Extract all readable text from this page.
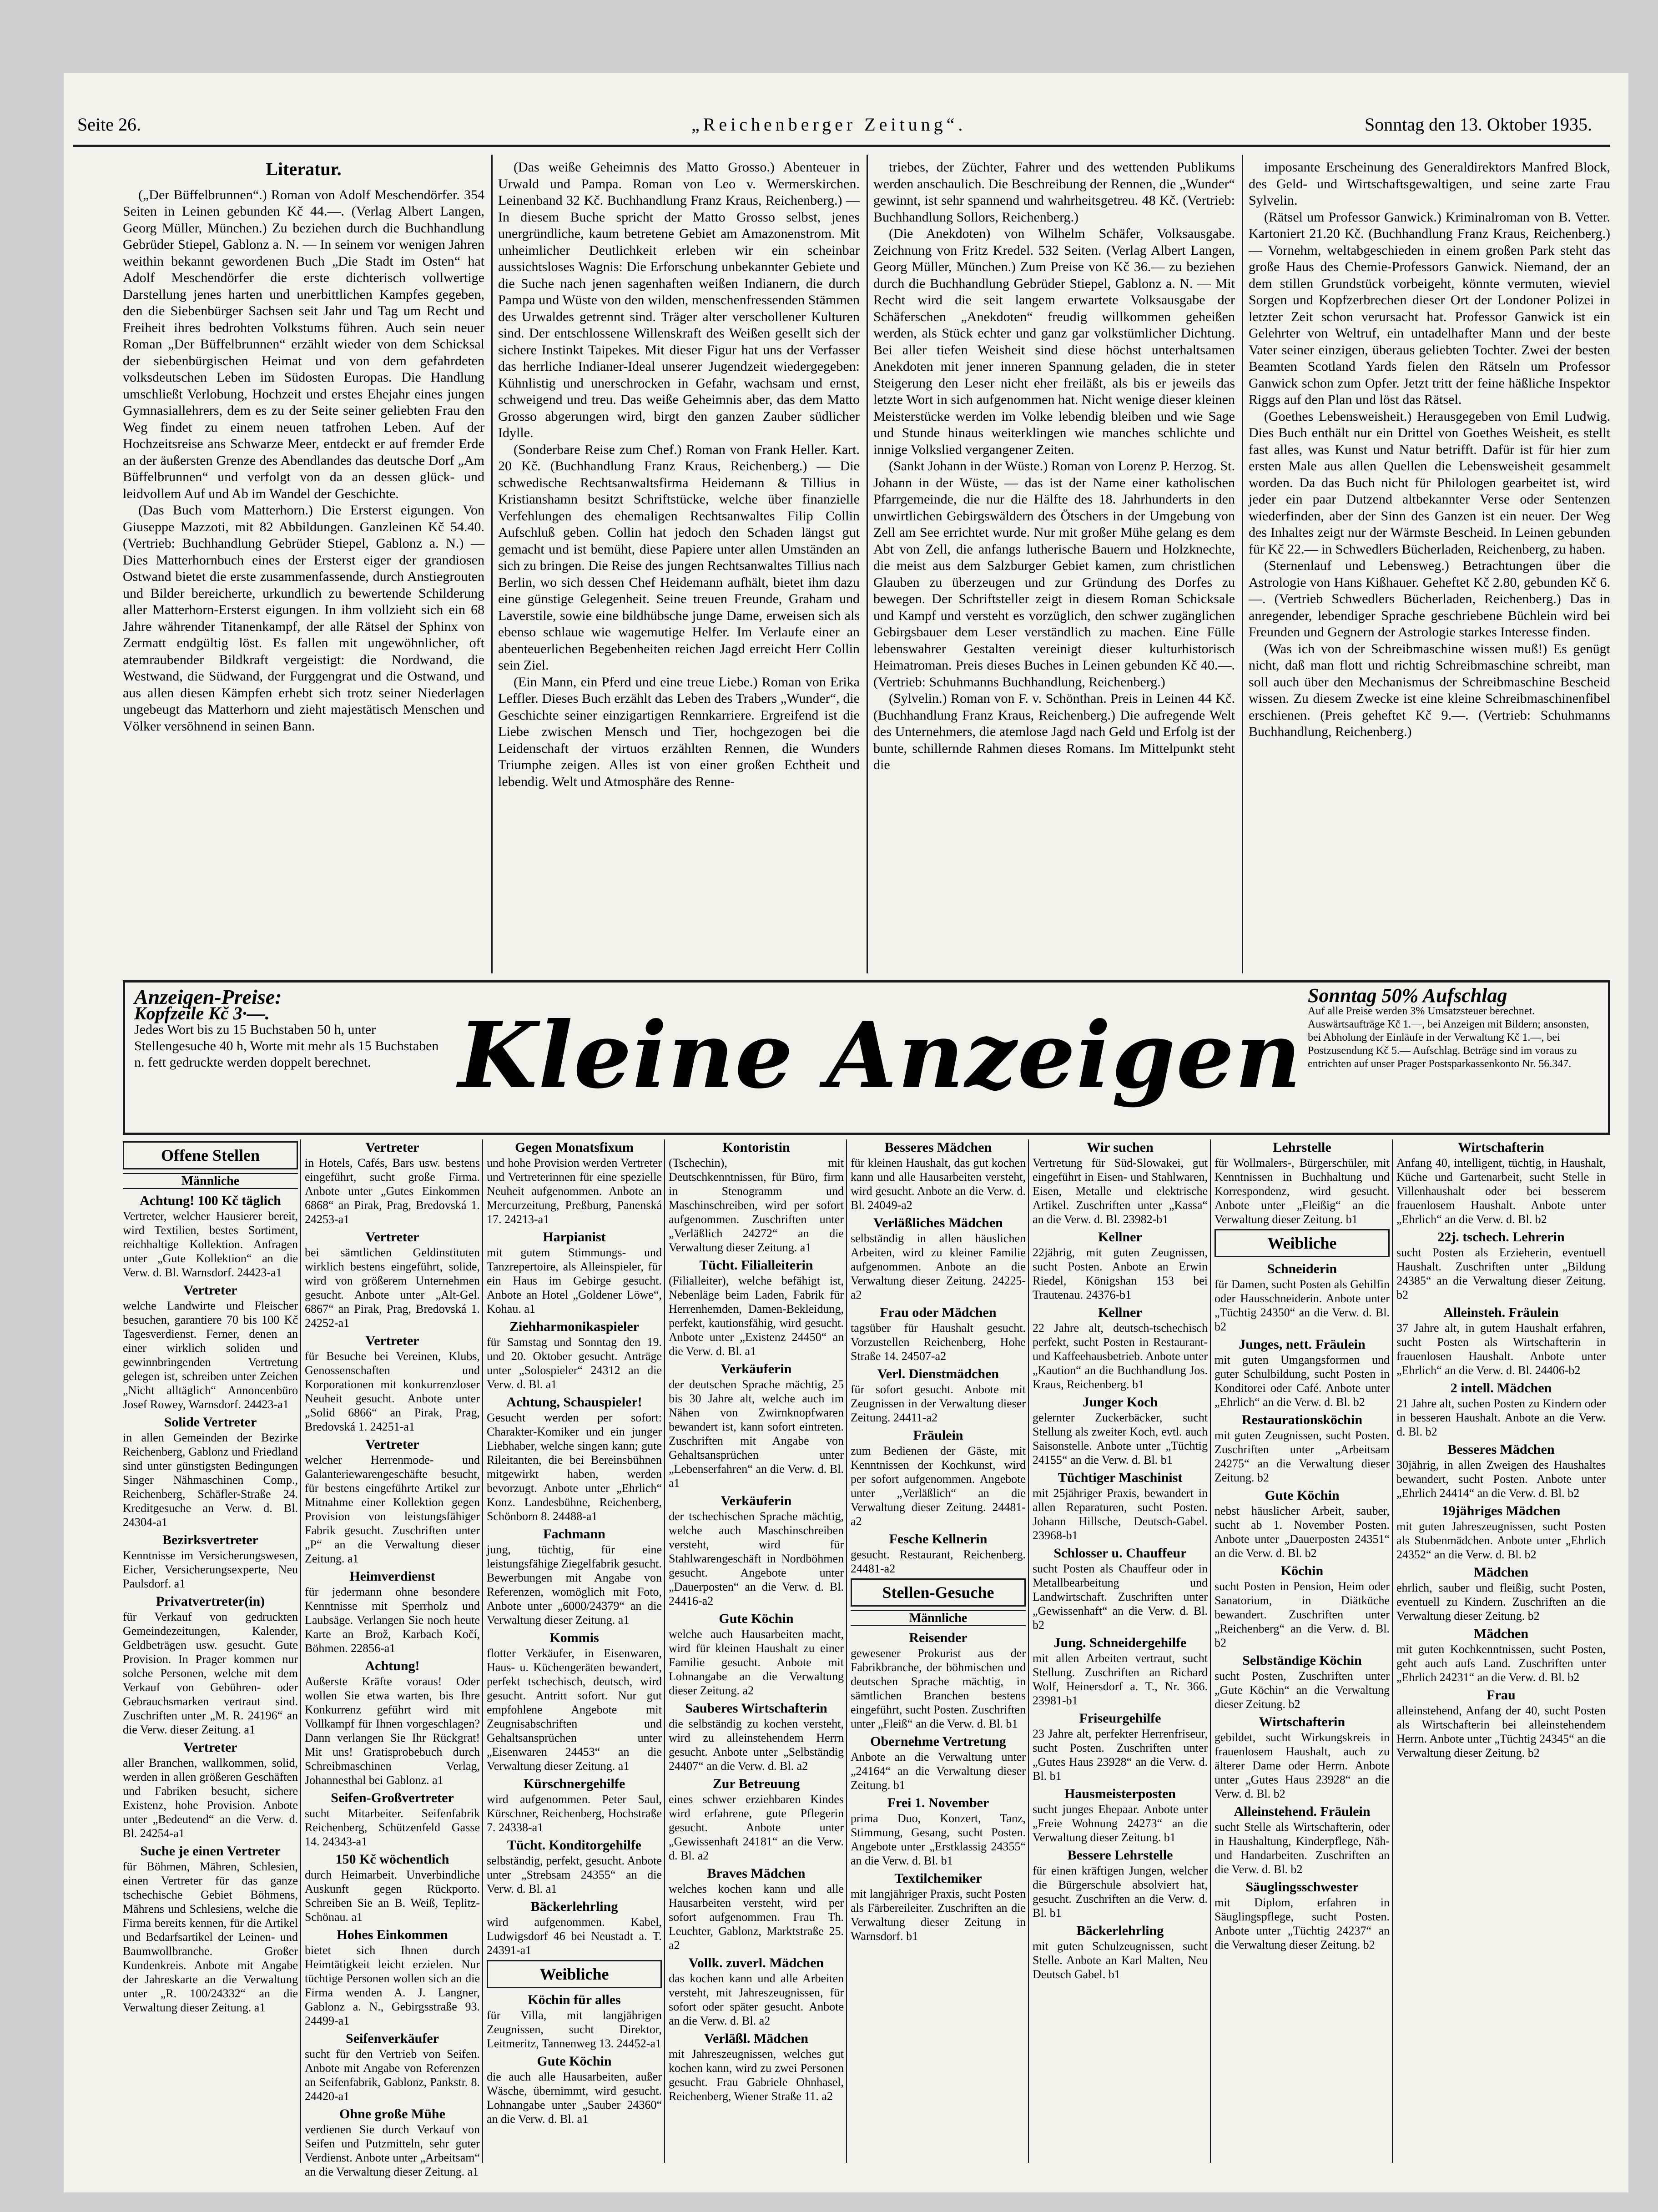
Seite 26.	„Reichenberger Zeitung“.	Sonntag den 13. Oktober 1935.
Literatur.

(„Der Büffelbrunnen“.) Roman von Adolf Meschendörfer. 354 Seiten in Leinen gebunden Kč 44.—. (Verlag Albert Langen, Georg Müller, München.) Zu beziehen durch die Buchhandlung Gebrüder Stiepel, Gablonz a. N. — In seinem vor wenigen Jahren weithin bekannt gewordenen Buch „Die Stadt im Osten“ hat Adolf Meschendörfer die erste dichterisch vollwertige Darstellung jenes harten und unerbittlichen Kampfes gegeben, den die Siebenbürger Sachsen seit Jahr und Tag um Recht und Freiheit ihres bedrohten Volkstums führen. Auch sein neuer Roman „Der Büffelbrunnen“ erzählt wieder von dem Schicksal der siebenbürgischen Heimat und von dem gefahrdeten volksdeutschen Leben im Südosten Europas. Die Handlung umschließt Verlobung, Hochzeit und erstes Ehejahr eines jungen Gymnasiallehrers, dem es zu der Seite seiner geliebten Frau den Weg findet zu einem neuen tatfrohen Leben. Auf der Hochzeitsreise ans Schwarze Meer, entdeckt er auf fremder Erde an der äußersten Grenze des Abendlandes das deutsche Dorf „Am Büffelbrunnen“ und verfolgt von da an dessen glück- und leidvollem Auf und Ab im Wandel der Geschichte.

(Das Buch vom Matterhorn.) Die Ersterst eigungen. Von Giuseppe Mazzoti, mit 82 Abbildungen. Ganzleinen Kč 54.40. (Vertrieb: Buchhandlung Gebrüder Stiepel, Gablonz a. N.) — Dies Matterhornbuch eines der Ersterst eiger der grandiosen Ostwand bietet die erste zusammenfassende, durch Anstiegrouten und Bilder bereicherte, urkundlich zu bewertende Schilderung aller Matterhorn-Ersterst eigungen. In ihm vollzieht sich ein 68 Jahre währender Titanenkampf, der alle Rätsel der Sphinx von Zermatt endgültig löst. Es fallen mit ungewöhnlicher, oft atemraubender Bildkraft vergeistigt: die Nordwand, die Westwand, die Südwand, der Furggengrat und die Ostwand, und aus allen diesen Kämpfen erhebt sich trotz seiner Niederlagen ungebeugt das Matterhorn und zieht majestätisch Menschen und Völker versöhnend in seinen Bann.

(Das weiße Geheimnis des Matto Grosso.) Abenteuer in Urwald und Pampa. Roman von Leo v. Wermerskirchen. Leinenband 32 Kč. Buchhandlung Franz Kraus, Reichenberg.) — In diesem Buche spricht der Matto Grosso selbst, jenes unergründliche, kaum betretene Gebiet am Amazonenstrom. Mit unheimlicher Deutlichkeit erleben wir ein scheinbar aussichtsloses Wagnis: Die Erforschung unbekannter Gebiete und die Suche nach jenen sagenhaften weißen Indianern, die durch Pampa und Wüste von den wilden, menschenfressenden Stämmen des Urwaldes getrennt sind. Träger alter verschollener Kulturen sind. Der entschlossene Willenskraft des Weißen gesellt sich der sichere Instinkt Taipekes. Mit dieser Figur hat uns der Verfasser das herrliche Indianer-Ideal unserer Jugendzeit wiedergegeben: Kühnlistig und unerschrocken in Gefahr, wachsam und ernst, schweigend und treu. Das weiße Geheimnis aber, das dem Matto Grosso abgerungen wird, birgt den ganzen Zauber südlicher Idylle.

(Sonderbare Reise zum Chef.) Roman von Frank Heller. Kart. 20 Kč. (Buchhandlung Franz Kraus, Reichenberg.) — Die schwedische Rechtsanwaltsfirma Heidemann & Tillius in Kristianshamn besitzt Schriftstücke, welche über finanzielle Verfehlungen des ehemaligen Rechtsanwaltes Filip Collin Aufschluß geben. Collin hat jedoch den Schaden längst gut gemacht und ist bemüht, diese Papiere unter allen Umständen an sich zu bringen. Die Reise des jungen Rechtsanwaltes Tillius nach Berlin, wo sich dessen Chef Heidemann aufhält, bietet ihm dazu eine günstige Gelegenheit. Seine treuen Freunde, Graham und Laverstile, sowie eine bildhübsche junge Dame, erweisen sich als ebenso schlaue wie wagemutige Helfer. Im Verlaufe einer an abenteuerlichen Begebenheiten reichen Jagd erreicht Herr Collin sein Ziel.

(Ein Mann, ein Pferd und eine treue Liebe.) Roman von Erika Leffler. Dieses Buch erzählt das Leben des Trabers „Wunder“, die Geschichte seiner einzigartigen Rennkarriere. Ergreifend ist die Liebe zwischen Mensch und Tier, hochgezogen bei die Leidenschaft der virtuos erzählten Rennen, die Wunders Triumphe zeigen. Alles ist von einer großen Echtheit und lebendig. Welt und Atmosphäre des Renne-

triebes, der Züchter, Fahrer und des wettenden Publikums werden anschaulich. Die Beschreibung der Rennen, die „Wunder“ gewinnt, ist sehr spannend und wahrheitsgetreu. 48 Kč. (Vertrieb: Buchhandlung Sollors, Reichenberg.)

(Die Anekdoten) von Wilhelm Schäfer, Volksausgabe. Zeichnung von Fritz Kredel. 532 Seiten. (Verlag Albert Langen, Georg Müller, München.) Zum Preise von Kč 36.— zu beziehen durch die Buchhandlung Gebrüder Stiepel, Gablonz a. N. — Mit Recht wird die seit langem erwartete Volksausgabe der Schäferschen „Anekdoten“ freudig willkommen geheißen werden, als Stück echter und ganz gar volkstümlicher Dichtung. Bei aller tiefen Weisheit sind diese höchst unterhaltsamen Anekdoten mit jener inneren Spannung geladen, die in steter Steigerung den Leser nicht eher freiläßt, als bis er jeweils das letzte Wort in sich aufgenommen hat. Nicht wenige dieser kleinen Meisterstücke werden im Volke lebendig bleiben und wie Sage und Stunde hinaus weiterklingen wie manches schlichte und innige Volkslied vergangener Zeiten.

(Sankt Johann in der Wüste.) Roman von Lorenz P. Herzog. St. Johann in der Wüste, — das ist der Name einer katholischen Pfarrgemeinde, die nur die Hälfte des 18. Jahrhunderts in den unwirtlichen Gebirgswäldern des Ötschers in der Umgebung von Zell am See errichtet wurde. Nur mit großer Mühe gelang es dem Abt von Zell, die anfangs lutherische Bauern und Holzknechte, die meist aus dem Salzburger Gebiet kamen, zum christlichen Glauben zu überzeugen und zur Gründung des Dorfes zu bewegen. Der Schriftsteller zeigt in diesem Roman Schicksale und Kampf und versteht es vorzüglich, den schwer zugänglichen Gebirgsbauer dem Leser verständlich zu machen. Eine Fülle lebenswahrer Gestalten vereinigt dieser kulturhistorisch Heimatroman. Preis dieses Buches in Leinen gebunden Kč 40.—. (Vertrieb: Schuhmanns Buchhandlung, Reichenberg.)

(Sylvelin.) Roman von F. v. Schönthan. Preis in Leinen 44 Kč. (Buchhandlung Franz Kraus, Reichenberg.) Die aufregende Welt des Unternehmers, die atemlose Jagd nach Geld und Erfolg ist der bunte, schillernde Rahmen dieses Romans. Im Mittelpunkt steht die

imposante Erscheinung des Generaldirektors Manfred Block, des Geld- und Wirtschaftsgewaltigen, und seine zarte Frau Sylvelin.

(Rätsel um Professor Ganwick.) Kriminalroman von B. Vetter. Kartoniert 21.20 Kč. (Buchhandlung Franz Kraus, Reichenberg.) — Vornehm, weltabgeschieden in einem großen Park steht das große Haus des Chemie-Professors Ganwick. Niemand, der an dem stillen Grundstück vorbeigeht, könnte vermuten, wieviel Sorgen und Kopfzerbrechen dieser Ort der Londoner Polizei in letzter Zeit schon verursacht hat. Professor Ganwick ist ein Gelehrter von Weltruf, ein untadelhafter Mann und der beste Vater seiner einzigen, überaus geliebten Tochter. Zwei der besten Beamten Scotland Yards fielen den Rätseln um Professor Ganwick schon zum Opfer. Jetzt tritt der feine häßliche Inspektor Riggs auf den Plan und löst das Rätsel.

(Goethes Lebensweisheit.) Herausgegeben von Emil Ludwig. Dies Buch enthält nur ein Drittel von Goethes Weisheit, es stellt fast alles, was Kunst und Natur betrifft. Dafür ist für hier zum ersten Male aus allen Quellen die Lebensweisheit gesammelt worden. Da das Buch nicht für Philologen gearbeitet ist, wird jeder ein paar Dutzend altbekannter Verse oder Sentenzen wiederfinden, aber der Sinn des Ganzen ist ein neuer. Der Weg des Inhaltes zeigt nur der Wärmste Bescheid. In Leinen gebunden für Kč 22.— in Schwedlers Bücherladen, Reichenberg, zu haben.

(Sternenlauf und Lebensweg.) Betrachtungen über die Astrologie von Hans Kißhauer. Geheftet Kč 2.80, gebunden Kč 6.—. (Vertrieb Schwedlers Bücherladen, Reichenberg.) Das in anregender, lebendiger Sprache geschriebene Büchlein wird bei Freunden und Gegnern der Astrologie starkes Interesse finden.

(Was ich von der Schreibmaschine wissen muß!) Es genügt nicht, daß man flott und richtig Schreibmaschine schreibt, man soll auch über den Mechanismus der Schreibmaschine Bescheid wissen. Zu diesem Zwecke ist eine kleine Schreibmaschinenfibel erschienen. (Preis geheftet Kč 9.—. (Vertrieb: Schuhmanns Buchhandlung, Reichenberg.)

Anzeigen-Preise:
Kopfzeile Kč 3·—.
Jedes Wort bis zu 15 Buchstaben 50 h, unter Stellengesuche 40 h, Worte mit mehr als 15 Buchstaben n. fett gedruckte werden doppelt berechnet. Kleine Anzeigen
Sonntag 50% Aufschlag
Auf alle Preise werden 3% Umsatzsteuer berechnet. Auswärtsaufträge Kč 1.—, bei Anzeigen mit Bildern; ansonsten, bei Abholung der Einläufe in der Verwaltung Kč 1.—, bei Postzusendung Kč 5.— Aufschlag. Beträge sind im voraus zu entrichten auf unser Prager Postsparkassenkonto Nr. 56.347.
Offene Stellen
Männliche
Achtung! 100 Kč täglich
Vertreter, welcher Hausierer bereit, wird Textilien, bestes Sortiment, reichhaltige Kollektion. Anfragen unter „Gute Kollektion“ an die Verw. d. Bl. Warnsdorf. 24423-a1
Vertreter
welche Landwirte und Fleischer besuchen, garantiere 70 bis 100 Kč Tagesverdienst. Ferner, denen an einer wirklich soliden und gewinnbringenden Vertretung gelegen ist, schreiben unter Zeichen „Nicht alltäglich“ Annoncenbüro Josef Rowey, Warnsdorf. 24423-a1
Solide Vertreter
in allen Gemeinden der Bezirke Reichenberg, Gablonz und Friedland sind unter günstigsten Bedingungen Singer Nähmaschinen Comp., Reichenberg, Schäfler-Straße 24. Kreditgesuche an Verw. d. Bl. 24304-a1
Bezirksvertreter
Kenntnisse im Versicherungswesen, Eicher, Versicherungsexperte, Neu Paulsdorf. a1
Privatvertreter(in)
für Verkauf von gedruckten Gemeindezeitungen, Kalender, Geldbeträgen usw. gesucht. Gute Provision. In Prager kommen nur solche Personen, welche mit dem Verkauf von Gebühren- oder Gebrauchsmarken vertraut sind. Zuschriften unter „M. R. 24196“ an die Verw. dieser Zeitung. a1
Vertreter
aller Branchen, wallkommen, solid, werden in allen größeren Geschäften und Fabriken besucht, sichere Existenz, hohe Provision. Anbote unter „Bedeutend“ an die Verw. d. Bl. 24254-a1
Suche je einen Vertreter
für Böhmen, Mähren, Schlesien, einen Vertreter für das ganze tschechische Gebiet Böhmens, Mährens und Schlesiens, welche die Firma bereits kennen, für die Artikel und Bedarfsartikel der Leinen- und Baumwollbranche. Großer Kundenkreis. Anbote mit Angabe der Jahreskarte an die Verwaltung unter „R. 100/24332“ an die Verwaltung dieser Zeitung. a1
Vertreter
in Hotels, Cafés, Bars usw. bestens eingeführt, sucht große Firma. Anbote unter „Gutes Einkommen 6868“ an Pirak, Prag, Bredovská 1. 24253-a1
Vertreter
bei sämtlichen Geldinstituten wirklich bestens eingeführt, solide, wird von größerem Unternehmen gesucht. Anbote unter „Alt-Gel. 6867“ an Pirak, Prag, Bredovská 1. 24252-a1
Vertreter
für Besuche bei Vereinen, Klubs, Genossenschaften und Korporationen mit konkurrenzloser Neuheit gesucht. Anbote unter „Solid 6866“ an Pirak, Prag, Bredovská 1. 24251-a1
Vertreter
welcher Herrenmode- und Galanteriewarengeschäfte besucht, für bestens eingeführte Artikel zur Mitnahme einer Kollektion gegen Provision von leistungsfähiger Fabrik gesucht. Zuschriften unter „P“ an die Verwaltung dieser Zeitung. a1
Heimverdienst
für jedermann ohne besondere Kenntnisse mit Sperrholz und Laubsäge. Verlangen Sie noch heute Karte an Brož, Karbach Kočí, Böhmen. 22856-a1
Achtung!
Außerste Kräfte voraus! Oder wollen Sie etwa warten, bis Ihre Konkurrenz geführt wird mit Vollkampf für Ihnen vorgeschlagen? Dann verlangen Sie Ihr Rückgrat! Mit uns! Gratisprobebuch durch Schreibmaschinen Verlag, Johannesthal bei Gablonz. a1
Seifen-Großvertreter
sucht Mitarbeiter. Seifenfabrik Reichenberg, Schützenfeld Gasse 14. 24343-a1
150 Kč wöchentlich
durch Heimarbeit. Unverbindliche Auskunft gegen Rückporto. Schreiben Sie an B. Weiß, Teplitz-Schönau. a1
Hohes Einkommen
bietet sich Ihnen durch Heimtätigkeit leicht erzielen. Nur tüchtige Personen wollen sich an die Firma wenden A. J. Langner, Gablonz a. N., Gebirgsstraße 93. 24499-a1
Seifenverkäufer
sucht für den Vertrieb von Seifen. Anbote mit Angabe von Referenzen an Seifenfabrik, Gablonz, Pankstr. 8. 24420-a1
Ohne große Mühe
verdienen Sie durch Verkauf von Seifen und Putzmitteln, sehr guter Verdienst. Anbote unter „Arbeitsam“ an die Verwaltung dieser Zeitung. a1
Gegen Monatsfixum
und hohe Provision werden Vertreter und Vertreterinnen für eine spezielle Neuheit aufgenommen. Anbote an Mercurzeitung, Preßburg, Panenská 17. 24213-a1
Harpianist
mit gutem Stimmungs- und Tanzrepertoire, als Alleinspieler, für ein Haus im Gebirge gesucht. Anbote an Hotel „Goldener Löwe“, Kohau. a1
Ziehharmonikaspieler
für Samstag und Sonntag den 19. und 20. Oktober gesucht. Anträge unter „Solospieler“ 24312 an die Verw. d. Bl. a1
Achtung, Schauspieler!
Gesucht werden per sofort: Charakter-Komiker und ein junger Liebhaber, welche singen kann; gute Rileitanten, die bei Bereinsbühnen mitgewirkt haben, werden bevorzugt. Anbote unter „Ehrlich“ Konz. Landesbühne, Reichenberg, Schönborn 8. 24488-a1
Fachmann
jung, tüchtig, für eine leistungsfähige Ziegelfabrik gesucht. Bewerbungen mit Angabe von Referenzen, womöglich mit Foto, Anbote unter „6000/24379“ an die Verwaltung dieser Zeitung. a1
Kommis
flotter Verkäufer, in Eisenwaren, Haus- u. Küchengeräten bewandert, perfekt tschechisch, deutsch, wird gesucht. Antritt sofort. Nur gut empfohlene Angebote mit Zeugnisabschriften und Gehaltsansprüchen unter „Eisenwaren 24453“ an die Verwaltung dieser Zeitung. a1
Kürschnergehilfe
wird aufgenommen. Peter Saul, Kürschner, Reichenberg, Hochstraße 7. 24338-a1
Tücht. Konditorgehilfe
selbständig, perfekt, gesucht. Anbote unter „Strebsam 24355“ an die Verw. d. Bl. a1
Bäckerlehrling
wird aufgenommen. Kabel, Ludwigsdorf 46 bei Neustadt a. T. 24391-a1
Weibliche
Köchin für alles
für Villa, mit langjährigen Zeugnissen, sucht Direktor, Leitmeritz, Tannenweg 13. 24452-a1
Gute Köchin
die auch alle Hausarbeiten, außer Wäsche, übernimmt, wird gesucht. Lohnangabe unter „Sauber 24360“ an die Verw. d. Bl. a1
Kontoristin
(Tschechin), mit Deutschkenntnissen, für Büro, firm in Stenogramm und Maschinschreiben, wird per sofort aufgenommen. Zuschriften unter „Verläßlich 24272“ an die Verwaltung dieser Zeitung. a1
Tücht. Filialleiterin
(Filialleiter), welche befähigt ist, Nebenläge beim Laden, Fabrik für Herrenhemden, Damen-Bekleidung, perfekt, kautionsfähig, wird gesucht. Anbote unter „Existenz 24450“ an die Verw. d. Bl. a1
Verkäuferin
der deutschen Sprache mächtig, 25 bis 30 Jahre alt, welche auch im Nähen von Zwirnknopfwaren bewandert ist, kann sofort eintreten. Zuschriften mit Angabe von Gehaltsansprüchen unter „Lebenserfahren“ an die Verw. d. Bl. a1
Verkäuferin
der tschechischen Sprache mächtig, welche auch Maschinschreiben versteht, wird für Stahlwarengeschäft in Nordböhmen gesucht. Angebote unter „Dauerposten“ an die Verw. d. Bl. 24416-a2
Gute Köchin
welche auch Hausarbeiten macht, wird für kleinen Haushalt zu einer Familie gesucht. Anbote mit Lohnangabe an die Verwaltung dieser Zeitung. a2
Sauberes Wirtschafterin
die selbständig zu kochen versteht, wird zu alleinstehendem Herrn gesucht. Anbote unter „Selbständig 24407“ an die Verw. d. Bl. a2
Zur Betreuung
eines schwer erziehbaren Kindes wird erfahrene, gute Pflegerin gesucht. Anbote unter „Gewissenhaft 24181“ an die Verw. d. Bl. a2
Braves Mädchen
welches kochen kann und alle Hausarbeiten versteht, wird per sofort aufgenommen. Frau Th. Leuchter, Gablonz, Marktstraße 25. a2
Vollk. zuverl. Mädchen
das kochen kann und alle Arbeiten versteht, mit Jahreszeugnissen, für sofort oder später gesucht. Anbote an die Verw. d. Bl. a2
Verläßl. Mädchen
mit Jahreszeugnissen, welches gut kochen kann, wird zu zwei Personen gesucht. Frau Gabriele Ohnhasel, Reichenberg, Wiener Straße 11. a2
Besseres Mädchen
für kleinen Haushalt, das gut kochen kann und alle Hausarbeiten versteht, wird gesucht. Anbote an die Verw. d. Bl. 24049-a2
Verläßliches Mädchen
selbständig in allen häuslichen Arbeiten, wird zu kleiner Familie aufgenommen. Anbote an die Verwaltung dieser Zeitung. 24225-a2
Frau oder Mädchen
tagsüber für Haushalt gesucht. Vorzustellen Reichenberg, Hohe Straße 14. 24507-a2
Verl. Dienstmädchen
für sofort gesucht. Anbote mit Zeugnissen in der Verwaltung dieser Zeitung. 24411-a2
Fräulein
zum Bedienen der Gäste, mit Kenntnissen der Kochkunst, wird per sofort aufgenommen. Angebote unter „Verläßlich“ an die Verwaltung dieser Zeitung. 24481-a2
Fesche Kellnerin
gesucht. Restaurant, Reichenberg. 24481-a2
Stellen-Gesuche
Männliche
Reisender
gewesener Prokurist aus der Fabrikbranche, der böhmischen und deutschen Sprache mächtig, in sämtlichen Branchen bestens eingeführt, sucht Posten. Zuschriften unter „Fleiß“ an die Verw. d. Bl. b1
Obernehme Vertretung
Anbote an die Verwaltung unter „24164“ an die Verwaltung dieser Zeitung. b1
Frei 1. November
prima Duo, Konzert, Tanz, Stimmung, Gesang, sucht Posten. Angebote unter „Erstklassig 24355“ an die Verw. d. Bl. b1
Textilchemiker
mit langjähriger Praxis, sucht Posten als Färbereileiter. Zuschriften an die Verwaltung dieser Zeitung in Warnsdorf. b1
Wir suchen
Vertretung für Süd-Slowakei, gut eingeführt in Eisen- und Stahlwaren, Eisen, Metalle und elektrische Artikel. Zuschriften unter „Kassa“ an die Verw. d. Bl. 23982-b1
Kellner
22jährig, mit guten Zeugnissen, sucht Posten. Anbote an Erwin Riedel, Königshan 153 bei Trautenau. 24376-b1
Kellner
22 Jahre alt, deutsch-tschechisch perfekt, sucht Posten in Restaurant- und Kaffeehausbetrieb. Anbote unter „Kaution“ an die Buchhandlung Jos. Kraus, Reichenberg. b1
Junger Koch
gelernter Zuckerbäcker, sucht Stellung als zweiter Koch, evtl. auch Saisonstelle. Anbote unter „Tüchtig 24155“ an die Verw. d. Bl. b1
Tüchtiger Maschinist
mit 25jähriger Praxis, bewandert in allen Reparaturen, sucht Posten. Johann Hillsche, Deutsch-Gabel. 23968-b1
Schlosser u. Chauffeur
sucht Posten als Chauffeur oder in Metallbearbeitung und Landwirtschaft. Zuschriften unter „Gewissenhaft“ an die Verw. d. Bl. b2
Jung. Schneidergehilfe
mit allen Arbeiten vertraut, sucht Stellung. Zuschriften an Richard Wolf, Heinersdorf a. T., Nr. 366. 23981-b1
Friseurgehilfe
23 Jahre alt, perfekter Herrenfriseur, sucht Posten. Zuschriften unter „Gutes Haus 23928“ an die Verw. d. Bl. b1
Hausmeisterposten
sucht junges Ehepaar. Anbote unter „Freie Wohnung 24273“ an die Verwaltung dieser Zeitung. b1
Bessere Lehrstelle
für einen kräftigen Jungen, welcher die Bürgerschule absolviert hat, gesucht. Zuschriften an die Verw. d. Bl. b1
Bäckerlehrling
mit guten Schulzeugnissen, sucht Stelle. Anbote an Karl Malten, Neu Deutsch Gabel. b1
Lehrstelle
für Wollmalers-, Bürgerschüler, mit Kenntnissen in Buchhaltung und Korrespondenz, wird gesucht. Anbote unter „Fleißig“ an die Verwaltung dieser Zeitung. b1
Weibliche
Schneiderin
für Damen, sucht Posten als Gehilfin oder Hausschneiderin. Anbote unter „Tüchtig 24350“ an die Verw. d. Bl. b2
Junges, nett. Fräulein
mit guten Umgangsformen und guter Schulbildung, sucht Posten in Konditorei oder Café. Anbote unter „Ehrlich“ an die Verw. d. Bl. b2
Restaurationsköchin
mit guten Zeugnissen, sucht Posten. Zuschriften unter „Arbeitsam 24275“ an die Verwaltung dieser Zeitung. b2
Gute Köchin
nebst häuslicher Arbeit, sauber, sucht ab 1. November Posten. Anbote unter „Dauerposten 24351“ an die Verw. d. Bl. b2
Köchin
sucht Posten in Pension, Heim oder Sanatorium, in Diätküche bewandert. Zuschriften unter „Reichenberg“ an die Verw. d. Bl. b2
Selbständige Köchin
sucht Posten, Zuschriften unter „Gute Köchin“ an die Verwaltung dieser Zeitung. b2
Wirtschafterin
gebildet, sucht Wirkungskreis in frauenlosem Haushalt, auch zu älterer Dame oder Herrn. Anbote unter „Gutes Haus 23928“ an die Verw. d. Bl. b2
Alleinstehend. Fräulein
sucht Stelle als Wirtschafterin, oder in Haushaltung, Kinderpflege, Näh- und Handarbeiten. Zuschriften an die Verw. d. Bl. b2
Säuglingsschwester
mit Diplom, erfahren in Säuglingspflege, sucht Posten. Anbote unter „Tüchtig 24237“ an die Verwaltung dieser Zeitung. b2
Wirtschafterin
Anfang 40, intelligent, tüchtig, in Haushalt, Küche und Gartenarbeit, sucht Stelle in Villenhaushalt oder bei besserem frauenlosem Haushalt. Anbote unter „Ehrlich“ an die Verw. d. Bl. b2
22j. tschech. Lehrerin
sucht Posten als Erzieherin, eventuell Haushalt. Zuschriften unter „Bildung 24385“ an die Verwaltung dieser Zeitung. b2
Alleinsteh. Fräulein
37 Jahre alt, in gutem Haushalt erfahren, sucht Posten als Wirtschafterin in frauenlosen Haushalt. Anbote unter „Ehrlich“ an die Verw. d. Bl. 24406-b2
2 intell. Mädchen
21 Jahre alt, suchen Posten zu Kindern oder in besseren Haushalt. Anbote an die Verw. d. Bl. b2
Besseres Mädchen
30jährig, in allen Zweigen des Haushaltes bewandert, sucht Posten. Anbote unter „Ehrlich 24414“ an die Verw. d. Bl. b2
19jähriges Mädchen
mit guten Jahreszeugnissen, sucht Posten als Stubenmädchen. Anbote unter „Ehrlich 24352“ an die Verw. d. Bl. b2
Mädchen
ehrlich, sauber und fleißig, sucht Posten, eventuell zu Kindern. Zuschriften an die Verwaltung dieser Zeitung. b2
Mädchen
mit guten Kochkenntnissen, sucht Posten, geht auch aufs Land. Zuschriften unter „Ehrlich 24231“ an die Verw. d. Bl. b2
Frau
alleinstehend, Anfang der 40, sucht Posten als Wirtschafterin bei alleinstehendem Herrn. Anbote unter „Tüchtig 24345“ an die Verwaltung dieser Zeitung. b2
